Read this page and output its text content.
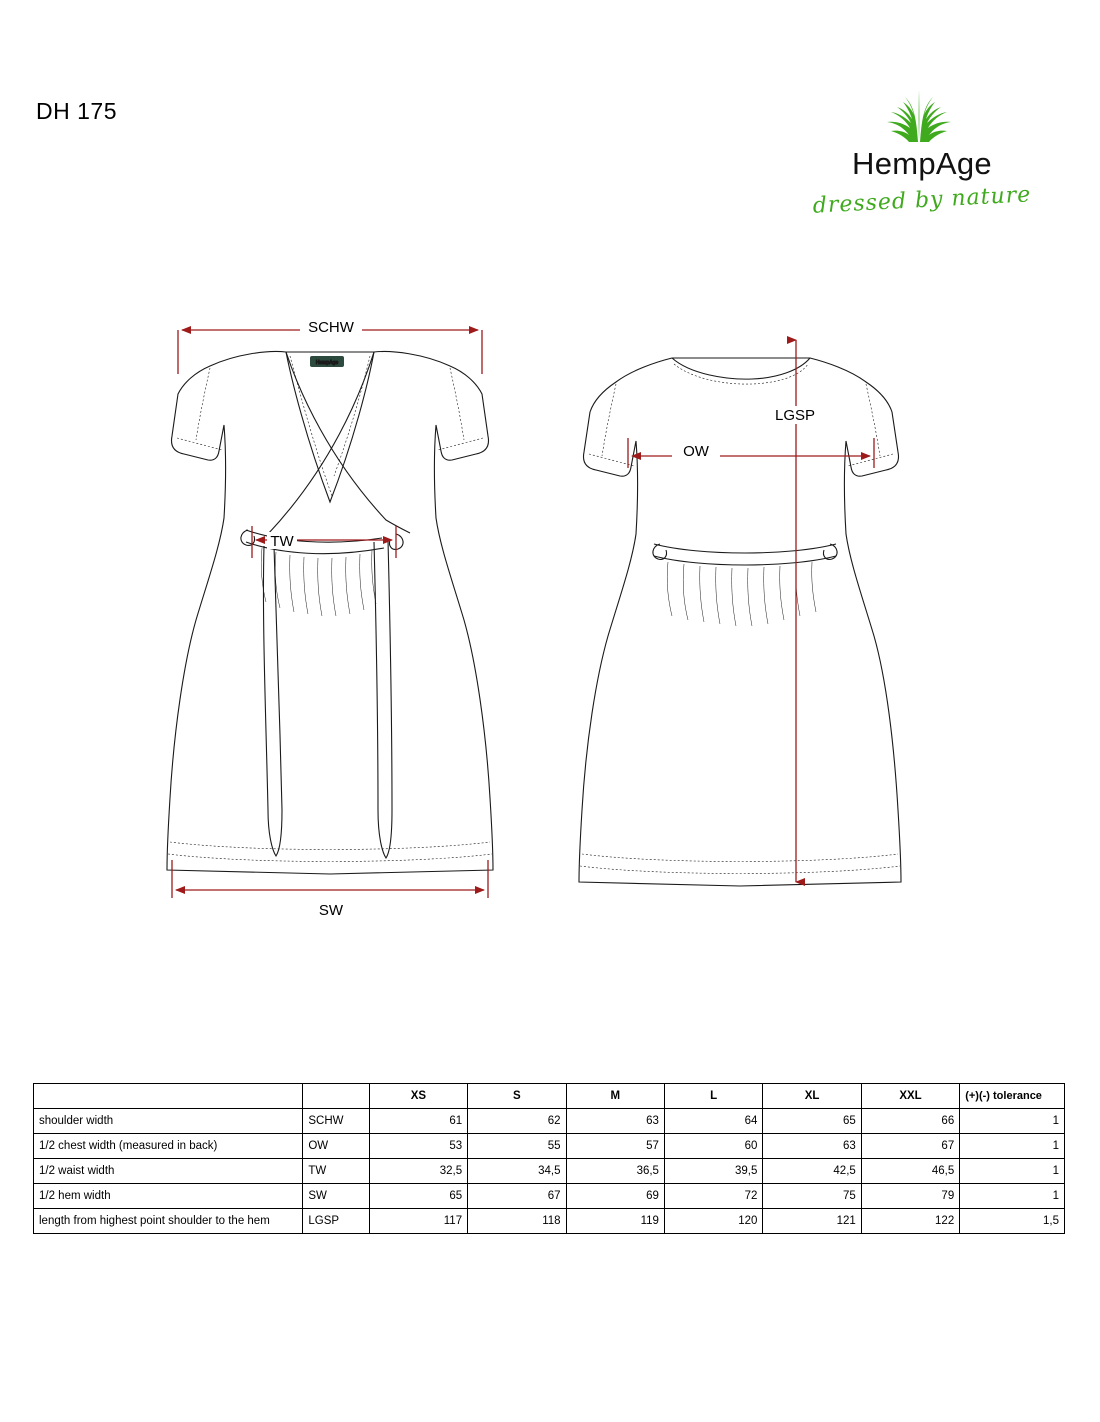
DH 175
HempAge
dressed by nature
HempAge
SCHW
TW
SW
LGSP
OW
		XS	S	M	L	XL	XXL	(+)(-) tolerance
shoulder width	SCHW	61	62	63	64	65	66	1
1/2 chest width (measured in back)	OW	53	55	57	60	63	67	1
1/2 waist width	TW	32,5	34,5	36,5	39,5	42,5	46,5	1
1/2 hem width	SW	65	67	69	72	75	79	1
length from highest point shoulder to the hem	LGSP	117	118	119	120	121	122	1,5
